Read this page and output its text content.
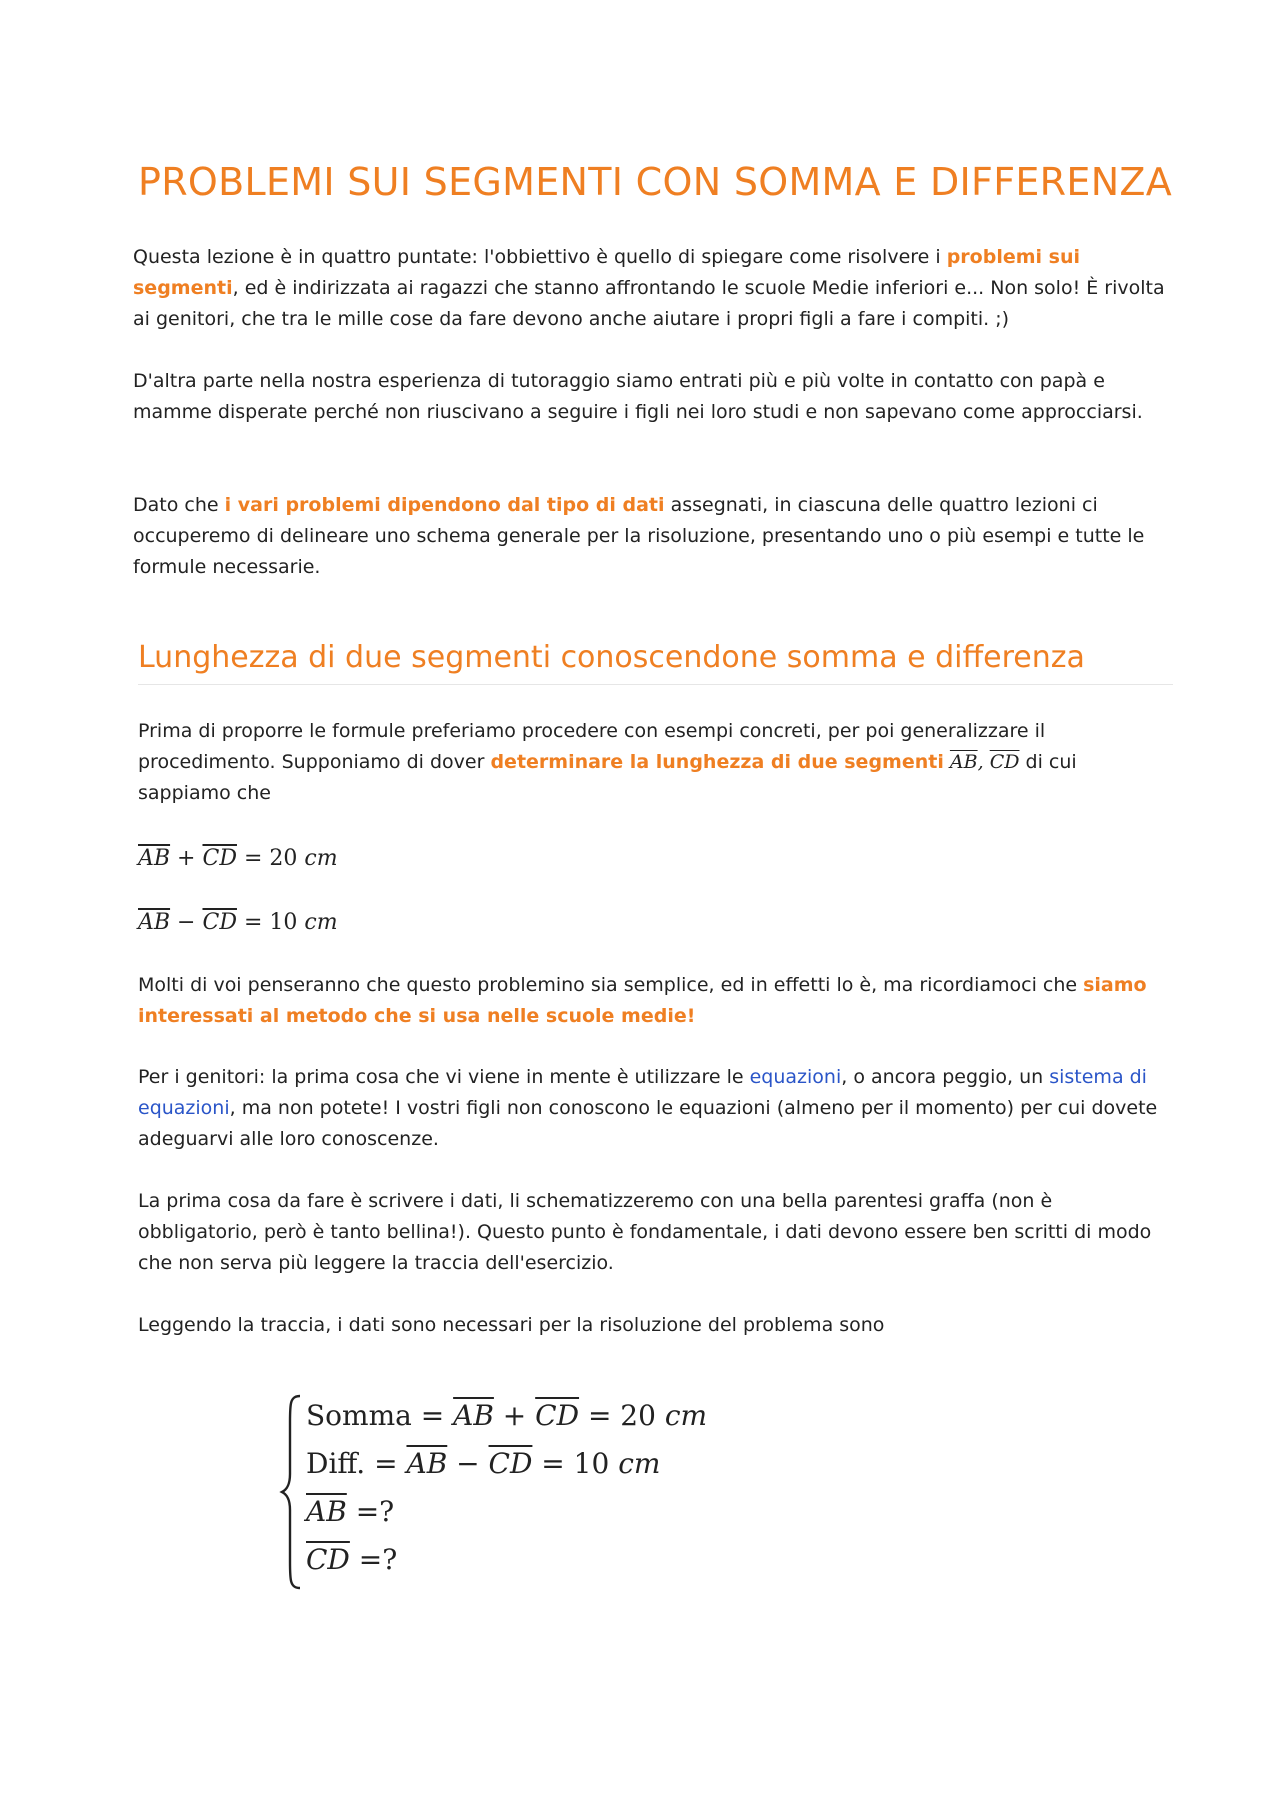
PROBLEMI SUI SEGMENTI CON SOMMA E DIFFERENZA

Questa lezione è in quattro puntate: l'obbiettivo è quello di spiegare come risolvere i problemi sui segmenti, ed è indirizzata ai ragazzi che stanno affrontando le scuole Medie inferiori e... Non solo! È rivolta ai genitori, che tra le mille cose da fare devono anche aiutare i propri figli a fare i compiti. ;)

D'altra parte nella nostra esperienza di tutoraggio siamo entrati più e più volte in contatto con papà e mamme disperate perché non riuscivano a seguire i figli nei loro studi e non sapevano come approcciarsi.

Dato che i vari problemi dipendono dal tipo di dati assegnati, in ciascuna delle quattro lezioni ci occuperemo di delineare uno schema generale per la risoluzione, presentando uno o più esempi e tutte le formule necessarie.

Lunghezza di due segmenti conoscendone somma e differenza

Prima di proporre le formule preferiamo procedere con esempi concreti, per poi generalizzare il procedimento. Supponiamo di dover determinare la lunghezza di due segmenti $\overline{AB}$, $\overline{CD}$ di cui sappiamo che

$\overline{AB} + \overline{CD} = 20$ cm
$\overline{AB} - \overline{CD} = 10$ cm

Molti di voi penseranno che questo problemino sia semplice, ed in effetti lo è, ma ricordiamoci che siamo interessati al metodo che si usa nelle scuole medie!

Per i genitori: la prima cosa che vi viene in mente è utilizzare le equazioni, o ancora peggio, un sistema di equazioni, ma non potete! I vostri figli non conoscono le equazioni (almeno per il momento) per cui dovete adeguarvi alle loro conoscenze.

La prima cosa da fare è scrivere i dati, li schematizzeremo con una bella parentesi graffa (non è obbligatorio, però è tanto bellina!). Questo punto è fondamentale, i dati devono essere ben scritti di modo che non serva più leggere la traccia dell'esercizio.

Leggendo la traccia, i dati sono necessari per la risoluzione del problema sono

Somma = $\overline{AB} + \overline{CD} = 20$ cm
Diff. = $\overline{AB} - \overline{CD} = 10$ cm
$\overline{AB}$ =?
$\overline{CD}$ =?
